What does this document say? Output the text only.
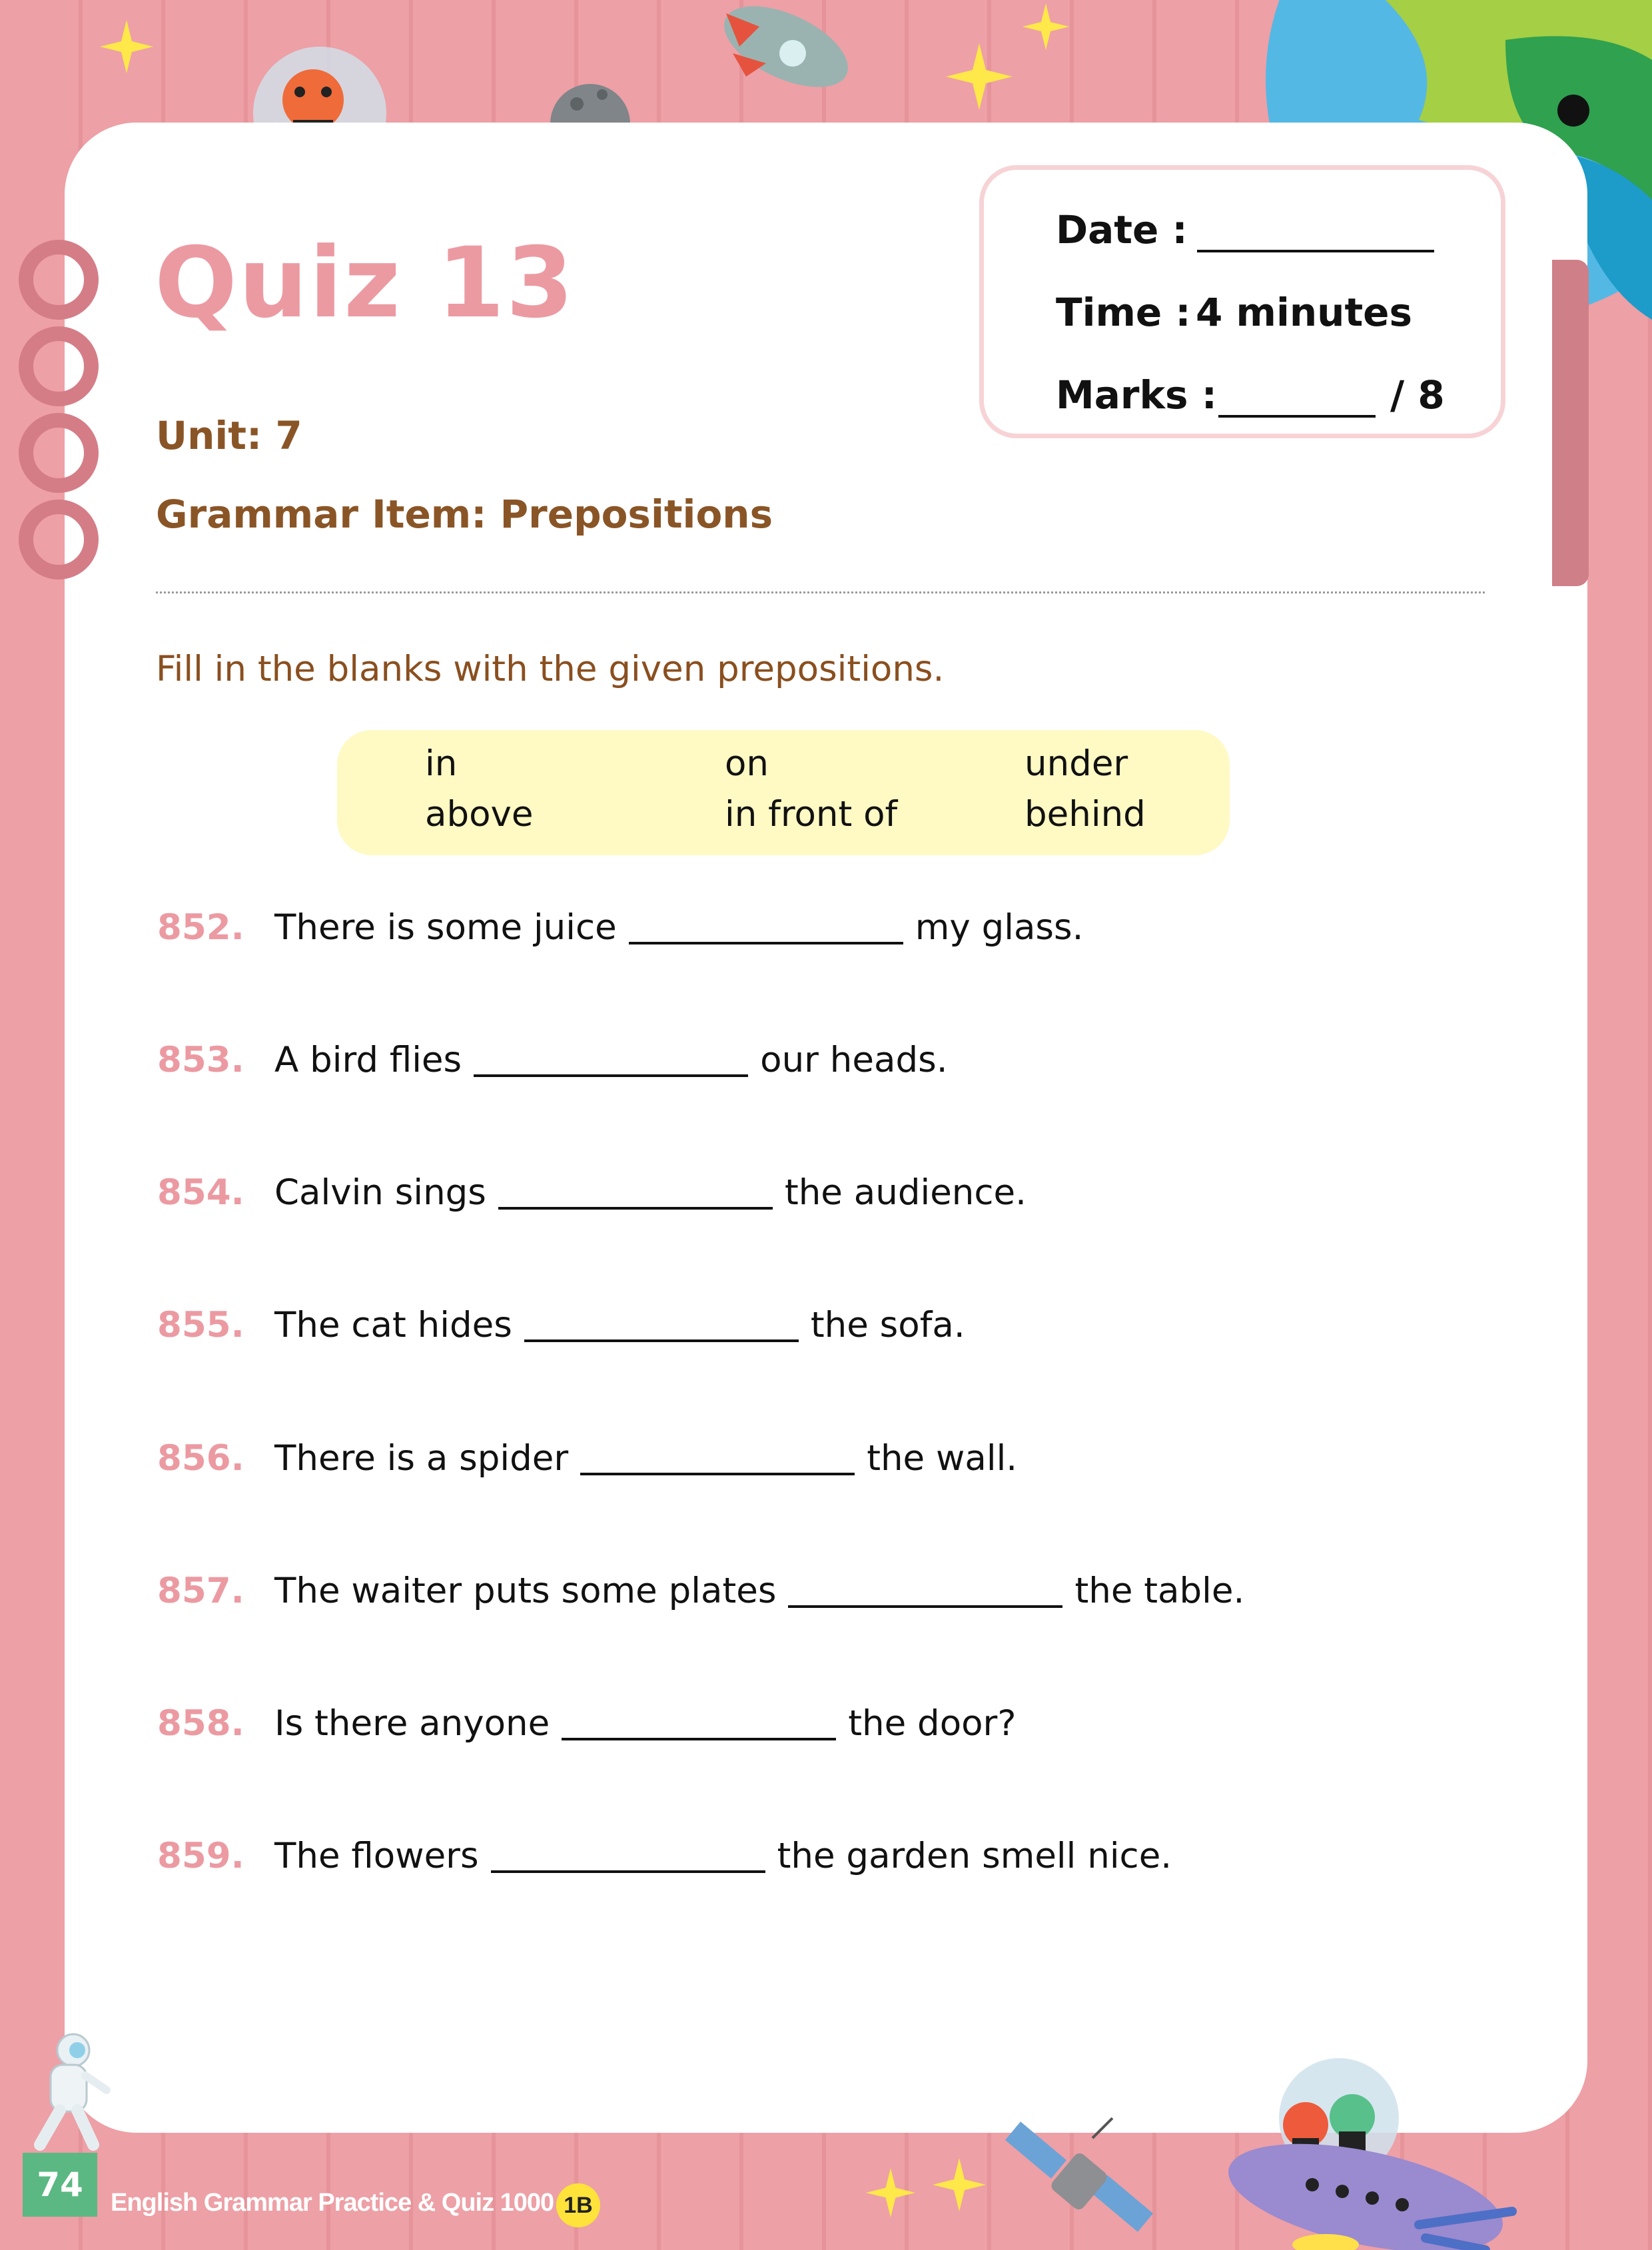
Quiz 13	Date :
Time : 4 minutes
Marks :	/ 8
Unit: 7
Grammar Item: Prepositions
Fill in the blanks with the given prepositions.
in	on	under
above	in front of	behind
852. There is some juice	my glass.
853. A bird flies	our heads.
854. Calvin sings	the audience.
855. The cat hides	the sofa.
856. There is a spider	the wall.
857. The waiter puts some plates	the table.
858. Is there anyone	the door?
859. The flowers	the garden smell nice.
74	English Grammar Practice & Quiz 1000 1B
